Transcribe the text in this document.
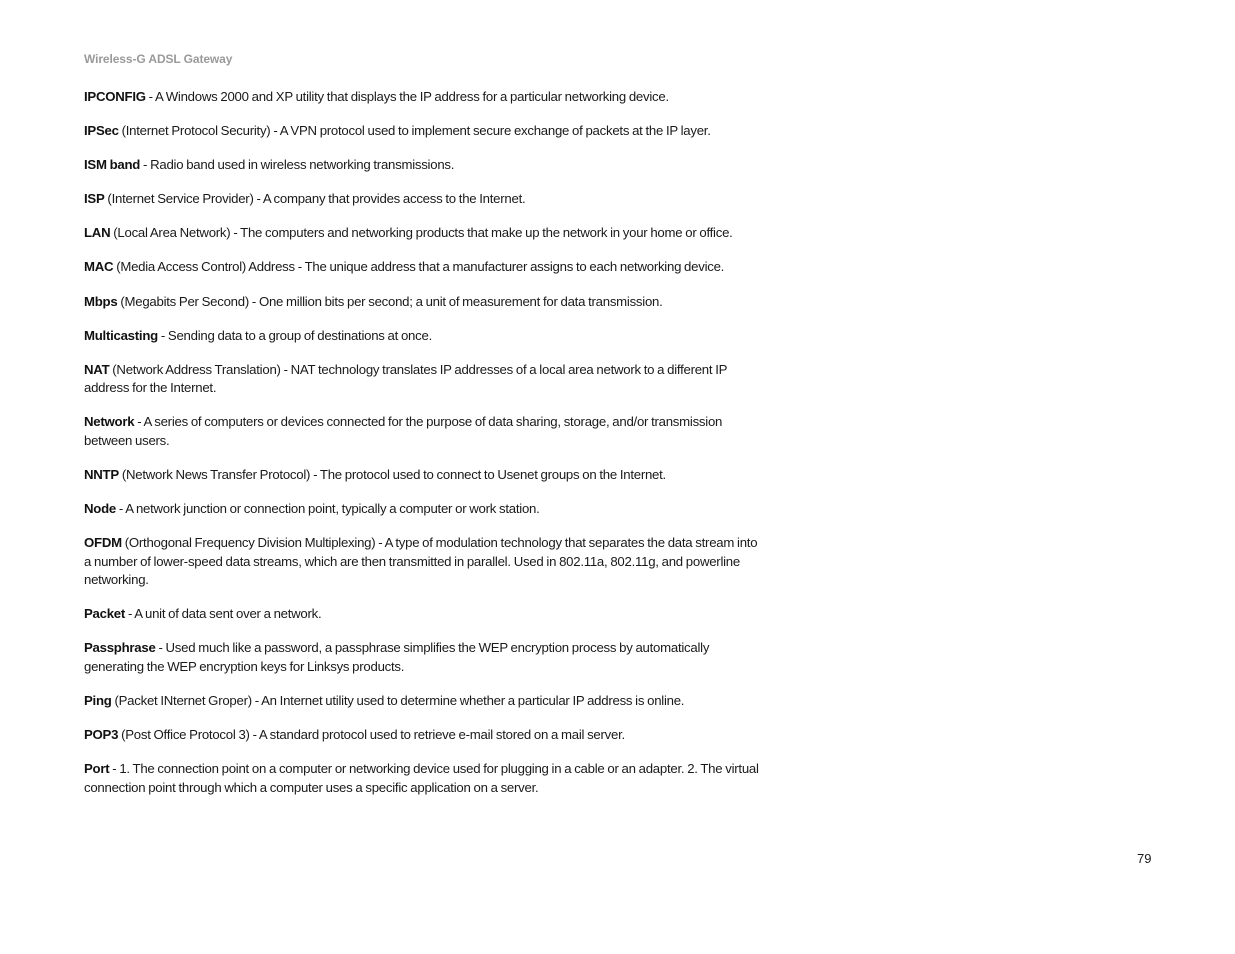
Wireless-G ADSL Gateway

IPCONFIG - A Windows 2000 and XP utility that displays the IP address for a particular networking device.

IPSec (Internet Protocol Security) - A VPN protocol used to implement secure exchange of packets at the IP layer.

ISM band - Radio band used in wireless networking transmissions.

ISP (Internet Service Provider) - A company that provides access to the Internet.

LAN (Local Area Network) - The computers and networking products that make up the network in your home or office.

MAC (Media Access Control) Address - The unique address that a manufacturer assigns to each networking device.

Mbps (Megabits Per Second) - One million bits per second; a unit of measurement for data transmission.

Multicasting - Sending data to a group of destinations at once.

NAT (Network Address Translation) - NAT technology translates IP addresses of a local area network to a different IP address for the Internet.

Network - A series of computers or devices connected for the purpose of data sharing, storage, and/or transmission between users.

NNTP (Network News Transfer Protocol) - The protocol used to connect to Usenet groups on the Internet.

Node - A network junction or connection point, typically a computer or work station.

OFDM (Orthogonal Frequency Division Multiplexing) - A type of modulation technology that separates the data stream into a number of lower-speed data streams, which are then transmitted in parallel. Used in 802.11a, 802.11g, and powerline networking.

Packet - A unit of data sent over a network.

Passphrase - Used much like a password, a passphrase simplifies the WEP encryption process by automatically generating the WEP encryption keys for Linksys products.

Ping (Packet INternet Groper) - An Internet utility used to determine whether a particular IP address is online.

POP3 (Post Office Protocol 3) - A standard protocol used to retrieve e-mail stored on a mail server.

Port - 1. The connection point on a computer or networking device used for plugging in a cable or an adapter. 2. The virtual connection point through which a computer uses a specific application on a server.

79
